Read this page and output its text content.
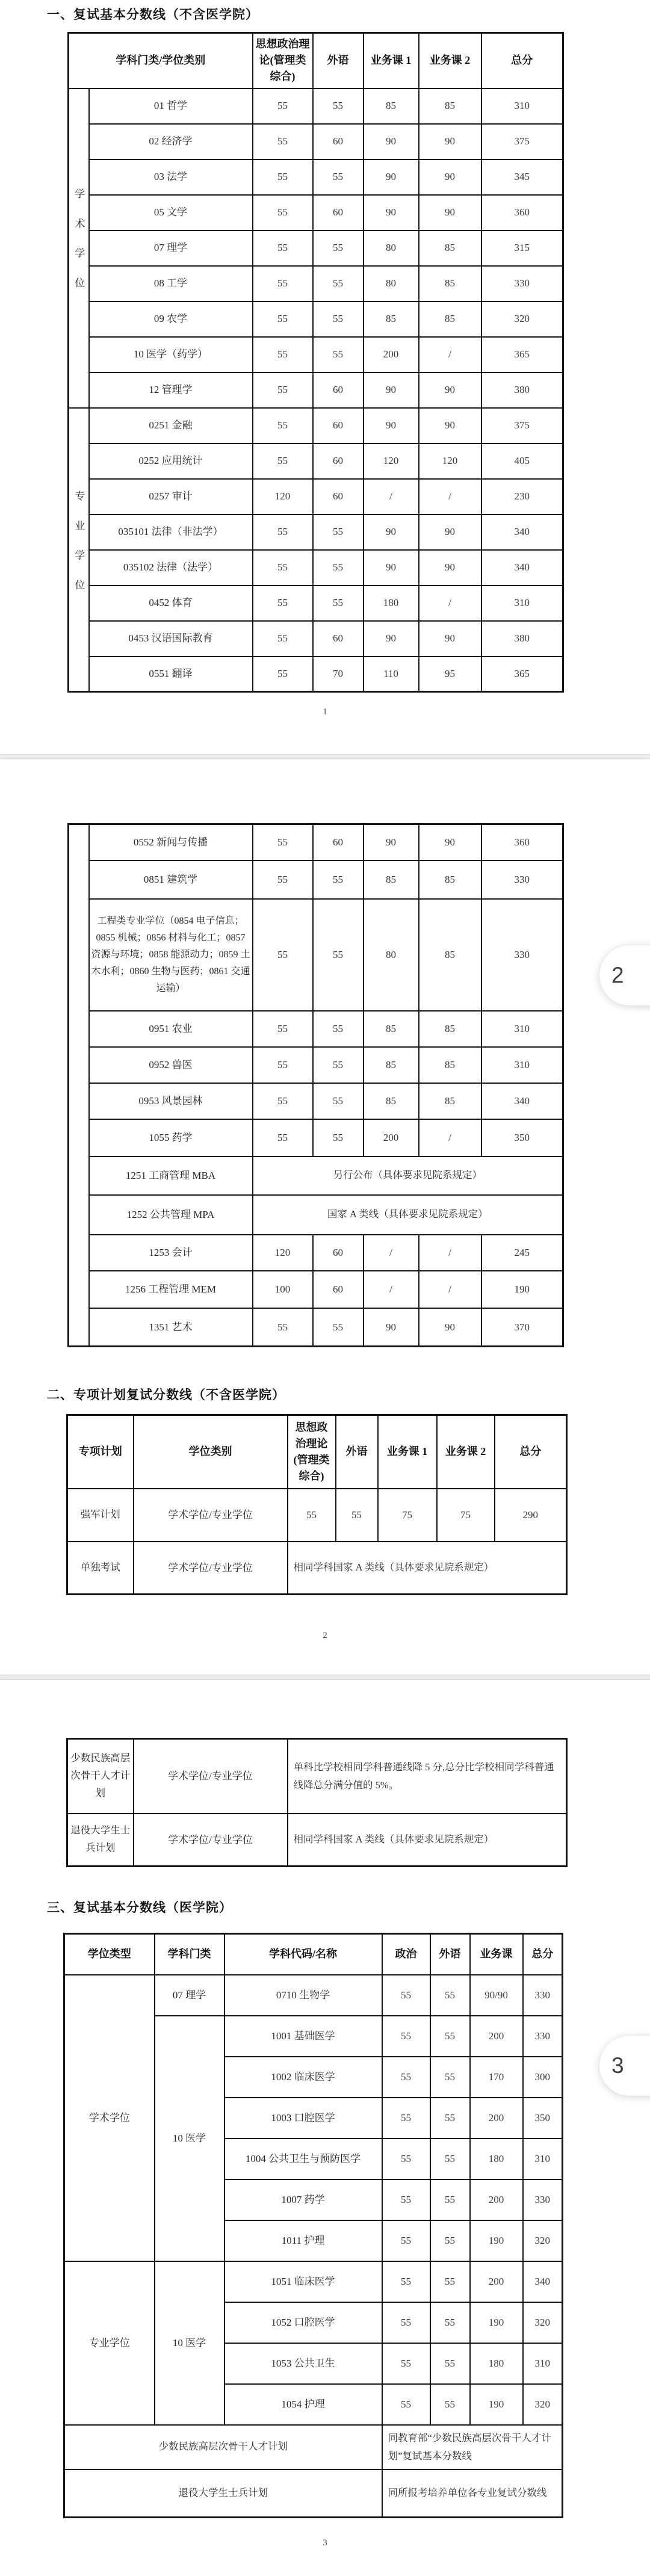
一、复试基本分数线（不含医学院）
学科门类/学位类别		思想政治理论(管理类综合)	外语	业务课 1	业务课 2	总分
学术学位	01 哲学	55	55	85	85	310
	02 经济学	55	60	90	90	375
	03 法学	55	55	90	90	345
	05 文学	55	60	90	90	360
	07 理学	55	55	80	85	315
	08 工学	55	55	80	85	330
	09 农学	55	55	85	85	320
	10 医学（药学）	55	55	200	/	365
	12 管理学	55	60	90	90	380
专业学位	0251 金融	55	60	90	90	375
	0252 应用统计	55	60	120	120	405
	0257 审计	120	60	/	/	230
	035101 法律（非法学）	55	55	90	90	340
	035102 法律（法学）	55	55	90	90	340
	0452 体育	55	55	180	/	310
	0453 汉语国际教育	55	60	90	90	380
	0551 翻译	55	70	110	95	365
1
	0552 新闻与传播	55	60	90	90	360
	0851 建筑学	55	55	85	85	330
	工程类专业学位（0854 电子信息；0855 机械；0856 材料与化工；0857 资源与环境；0858 能源动力；0859 土木水利；0860 生物与医药；0861 交通运输）	55	55	80	85	330
	0951 农业	55	55	85	85	310
	0952 兽医	55	55	85	85	310
	0953 风景园林	55	55	85	85	340
	1055 药学	55	55	200	/	350
	1251 工商管理 MBA	另行公布（具体要求见院系规定）				
	1252 公共管理 MPA	国家 A 类线（具体要求见院系规定）				
	1253 会计	120	60	/	/	245
	1256 工程管理 MEM	100	60	/	/	190
	1351 艺术	55	55	90	90	370
二、专项计划复试分数线（不含医学院）
专项计划	学位类别	思想政治理论(管理类综合)	外语	业务课 1	业务课 2	总分
强军计划	学术学位/专业学位	55	55	75	75	290
单独考试	学术学位/专业学位	相同学科国家 A 类线（具体要求见院系规定）				
2
少数民族高层次骨干人才计划	学术学位/专业学位	单科比学校相同学科普通线降 5 分,总分比学校相同学科普通线降总分满分值的 5%。
退役大学生士兵计划	学术学位/专业学位	相同学科国家 A 类线（具体要求见院系规定）
三、复试基本分数线（医学院）
学位类型	学科门类	学科代码/名称	政治	外语	业务课	总分
学术学位	07 理学	0710 生物学	55	55	90/90	330
	10 医学	1001 基础医学	55	55	200	330
		1002 临床医学	55	55	170	300
		1003 口腔医学	55	55	200	350
		1004 公共卫生与预防医学	55	55	180	310
		1007 药学	55	55	200	330
		1011 护理	55	55	190	320
专业学位	10 医学	1051 临床医学	55	55	200	340
		1052 口腔医学	55	55	190	320
		1053 公共卫生	55	55	180	310
		1054 护理	55	55	190	320
少数民族高层次骨干人才计划			同教育部“少数民族高层次骨干人才计划”复试基本分数线			
退役大学生士兵计划			同所报考培养单位各专业复试分数线			
3
2
3
